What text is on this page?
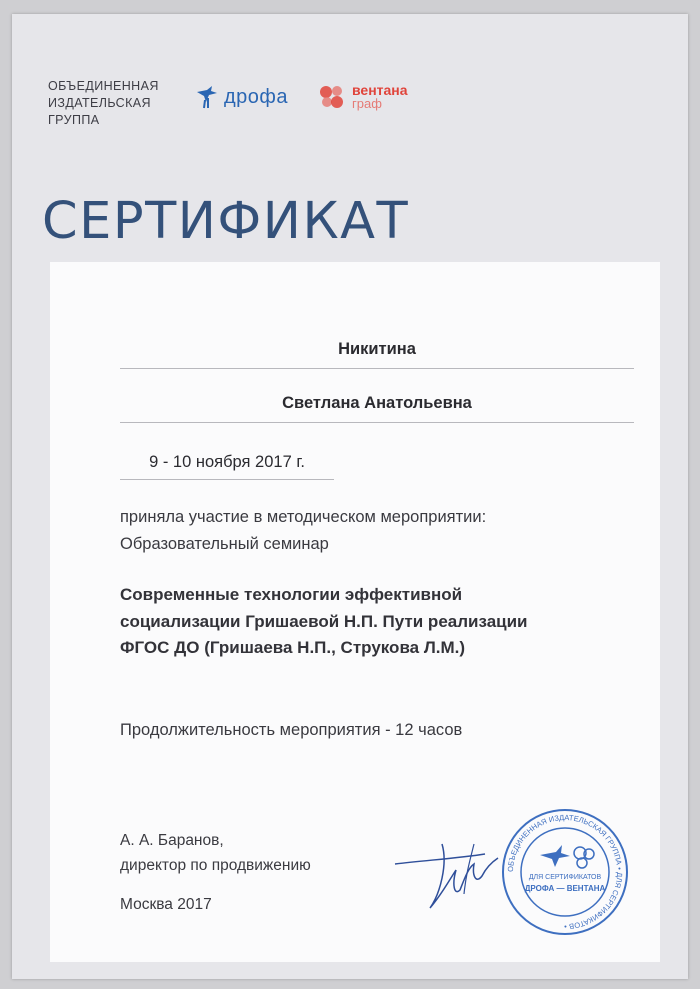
ОБЪЕДИНЕННАЯ
ИЗДАТЕЛЬСКАЯ
ГРУППА
дрофа	вентана
граф
СЕРТИФИКАТ
Никитина
Светлана Анатольевна
9 - 10 ноября 2017 г.
приняла участие в методическом мероприятии:
Образовательный семинар
Современные технологии эффективной социализации Гришаевой Н.П. Пути реализации ФГОС ДО (Гришаева Н.П., Струкова Л.М.)
Продолжительность мероприятия - 12 часов
А. А. Баранов,
директор по продвижению
Москва 2017
ОБЪЕДИНЕННАЯ ИЗДАТЕЛЬСКАЯ ГРУППА • ДЛЯ СЕРТИФИКАТОВ •
ДЛЯ СЕРТИФИКАТОВ
ДРОФА — ВЕНТАНА
